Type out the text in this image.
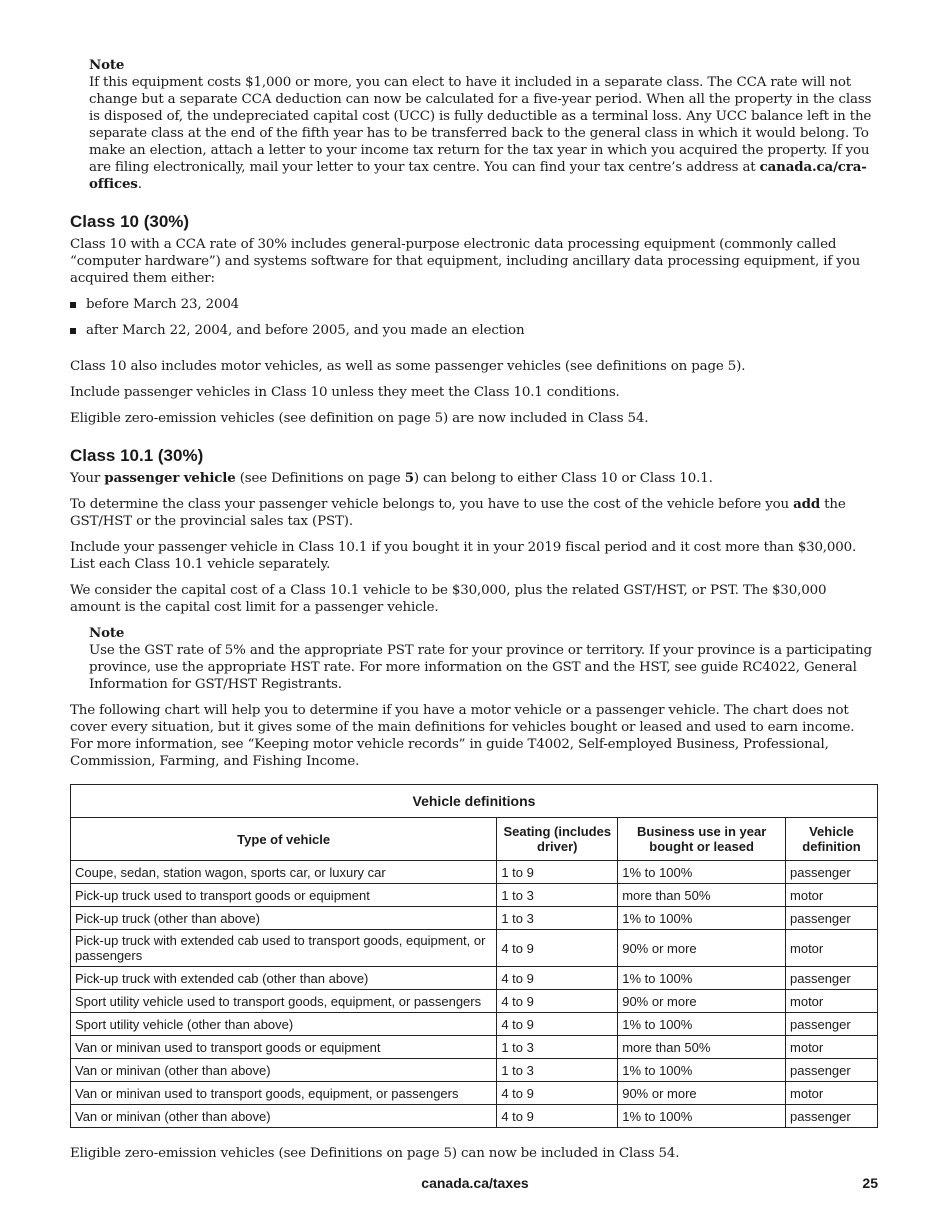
Note

If this equipment costs $1,000 or more, you can elect to have it included in a separate class. The CCA rate will not change but a separate CCA deduction can now be calculated for a five-year period. When all the property in the class is disposed of, the undepreciated capital cost (UCC) is fully deductible as a terminal loss. Any UCC balance left in the separate class at the end of the fifth year has to be transferred back to the general class in which it would belong. To make an election, attach a letter to your income tax return for the tax year in which you acquired the property. If you are filing electronically, mail your letter to your tax centre. You can find your tax centre’s address at canada.ca/cra-offices.

Class 10 (30%)

Class 10 with a CCA rate of 30% includes general-purpose electronic data processing equipment (commonly called “computer hardware”) and systems software for that equipment, including ancillary data processing equipment, if you acquired them either:

before March 23, 2004
after March 22, 2004, and before 2005, and you made an election

Class 10 also includes motor vehicles, as well as some passenger vehicles (see definitions on page 5).

Include passenger vehicles in Class 10 unless they meet the Class 10.1 conditions.

Eligible zero-emission vehicles (see definition on page 5) are now included in Class 54.

Class 10.1 (30%)

Your passenger vehicle (see Definitions on page 5) can belong to either Class 10 or Class 10.1.

To determine the class your passenger vehicle belongs to, you have to use the cost of the vehicle before you add the GST/HST or the provincial sales tax (PST).

Include your passenger vehicle in Class 10.1 if you bought it in your 2019 fiscal period and it cost more than $30,000. List each Class 10.1 vehicle separately.

We consider the capital cost of a Class 10.1 vehicle to be $30,000, plus the related GST/HST, or PST. The $30,000 amount is the capital cost limit for a passenger vehicle.

Note

Use the GST rate of 5% and the appropriate PST rate for your province or territory. If your province is a participating province, use the appropriate HST rate. For more information on the GST and the HST, see guide RC4022, General Information for GST/HST Registrants.

The following chart will help you to determine if you have a motor vehicle or a passenger vehicle. The chart does not cover every situation, but it gives some of the main definitions for vehicles bought or leased and used to earn income. For more information, see “Keeping motor vehicle records” in guide T4002, Self-employed Business, Professional, Commission, Farming, and Fishing Income.

Vehicle definitions			
Type of vehicle	Seating (includes driver)	Business use in year bought or leased	Vehicle definition
Coupe, sedan, station wagon, sports car, or luxury car	1 to 9	1% to 100%	passenger
Pick-up truck used to transport goods or equipment	1 to 3	more than 50%	motor
Pick-up truck (other than above)	1 to 3	1% to 100%	passenger
Pick-up truck with extended cab used to transport goods, equipment, or passengers	4 to 9	90% or more	motor
Pick-up truck with extended cab (other than above)	4 to 9	1% to 100%	passenger
Sport utility vehicle used to transport goods, equipment, or passengers	4 to 9	90% or more	motor
Sport utility vehicle (other than above)	4 to 9	1% to 100%	passenger
Van or minivan used to transport goods or equipment	1 to 3	more than 50%	motor
Van or minivan (other than above)	1 to 3	1% to 100%	passenger
Van or minivan used to transport goods, equipment, or passengers	4 to 9	90% or more	motor
Van or minivan (other than above)	4 to 9	1% to 100%	passenger

Eligible zero-emission vehicles (see Definitions on page 5) can now be included in Class 54.

canada.ca/taxes	25
